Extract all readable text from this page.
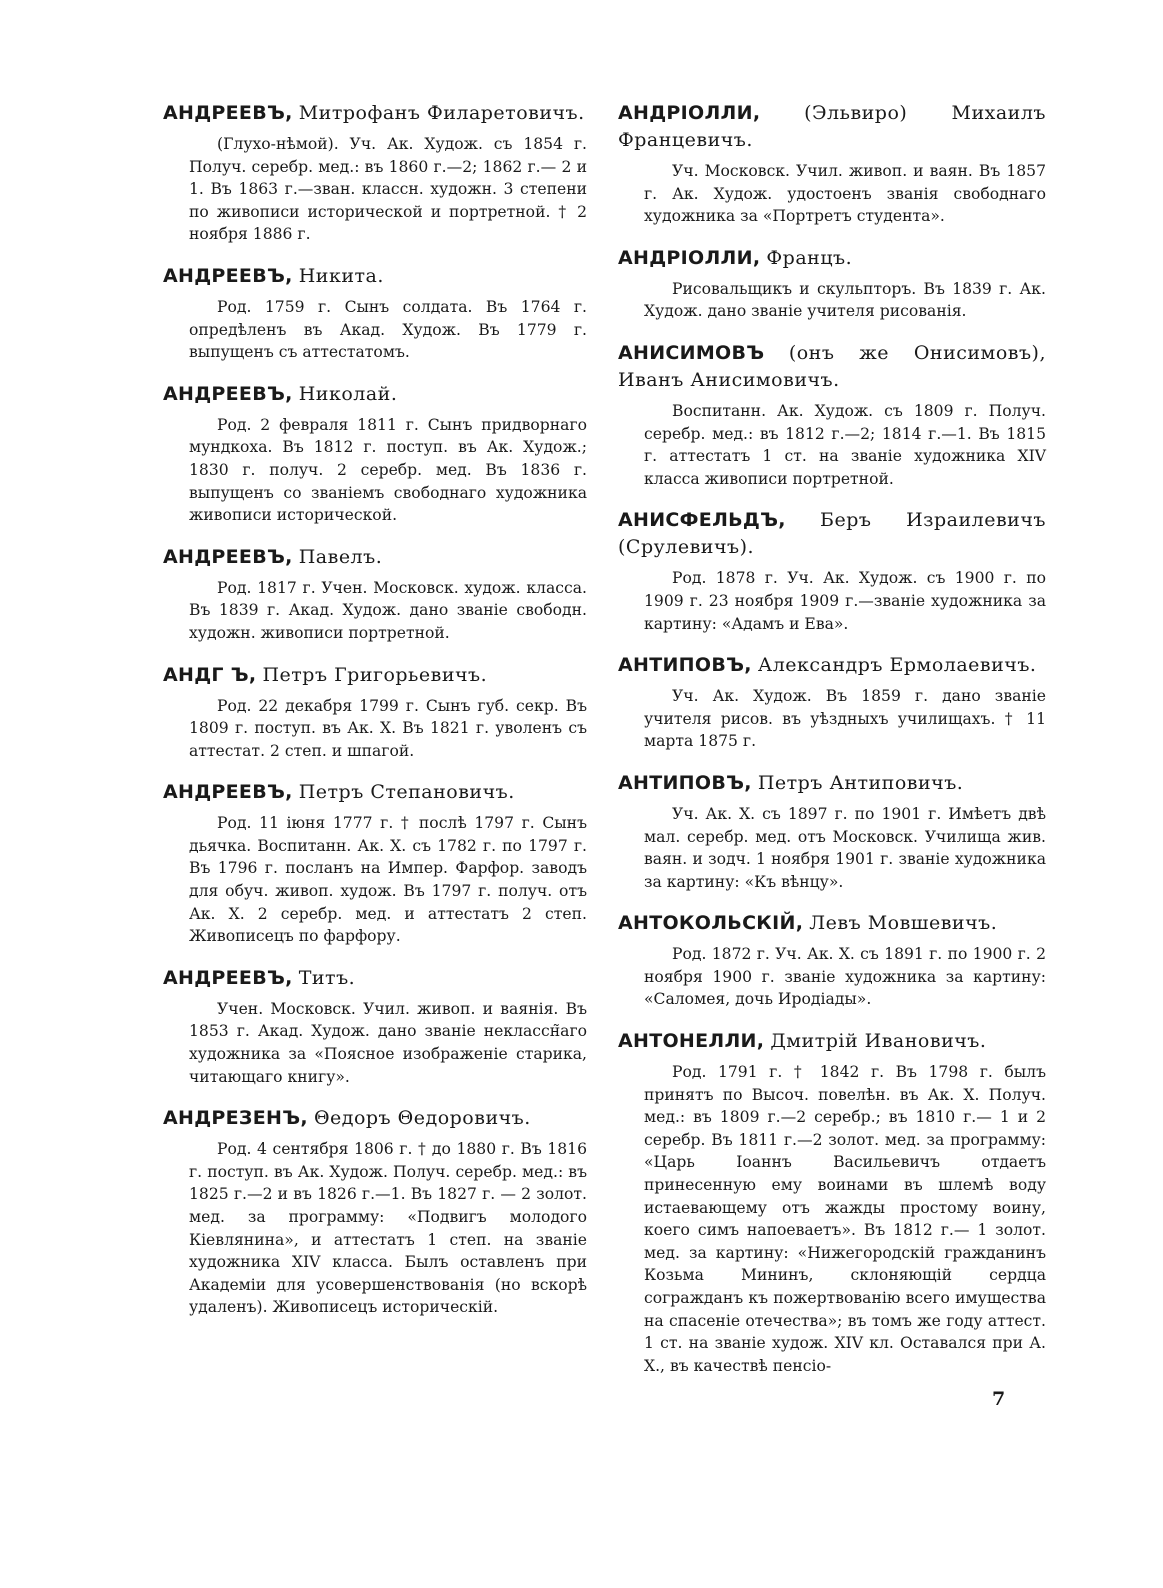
АНДРЕЕВЪ, Митрофанъ Филаретовичъ.

(Глухо-нѣмой). Уч. Ак. Худож. съ 1854 г. Получ. серебр. мед.: въ 1860 г.—2; 1862 г.— 2 и 1. Въ 1863 г.—зван. классн. художн. 3 степени по живописи исторической и портретной. † 2 ноября 1886 г.

АНДРЕЕВЪ, Никита.

Род. 1759 г. Сынъ солдата. Въ 1764 г. опредѣленъ въ Акад. Худож. Въ 1779 г. выпущенъ съ аттестатомъ.

АНДРЕЕВЪ, Николай.

Род. 2 февраля 1811 г. Сынъ придворнаго мундкоха. Въ 1812 г. поступ. въ Ак. Худож.; 1830 г. получ. 2 серебр. мед. Въ 1836 г. выпущенъ со званіемъ свободнаго художника живописи исторической.

АНДРЕЕВЪ, Павелъ.

Род. 1817 г. Учен. Московск. худож. класса. Въ 1839 г. Акад. Худож. дано званіе свободн. художн. живописи портретной.

АНДГ Ъ, Петръ Григорьевичъ.

Род. 22 декабря 1799 г. Сынъ губ. секр. Въ 1809 г. поступ. въ Ак. Х. Въ 1821 г. уволенъ съ аттестат. 2 степ. и шпагой.

АНДРЕЕВЪ, Петръ Степановичъ.

Род. 11 іюня 1777 г. † послѣ 1797 г. Сынъ дьячка. Воспитанн. Ак. Х. съ 1782 г. по 1797 г. Въ 1796 г. посланъ на Импер. Фарфор. заводъ для обуч. живоп. худож. Въ 1797 г. получ. отъ Ак. Х. 2 серебр. мед. и аттестатъ 2 степ. Живописецъ по фарфору.

АНДРЕЕВЪ, Титъ.

Учен. Московск. Учил. живоп. и ваянія. Въ 1853 г. Акад. Худож. дано званіе неклассн̃аго художника за «Поясное изображеніе старика, читающаго книгу».

АНДРЕЗЕНЪ, Θедоръ Θедоровичъ.

Род. 4 сентября 1806 г. † до 1880 г. Въ 1816 г. поступ. въ Ак. Худож. Получ. серебр. мед.: въ 1825 г.—2 и въ 1826 г.—1. Въ 1827 г. — 2 золот. мед. за программу: «Подвигъ молодого Кіевлянина», и аттестатъ 1 степ. на званіе художника XIV класса. Былъ оставленъ при Академіи для усовершенствованія (но вскорѣ удаленъ). Живописецъ историческій.

АНДРІОЛЛИ, (Эльвиро) Михаилъ Францевичъ.

Уч. Московск. Учил. живоп. и ваян. Въ 1857 г. Ак. Худож. удостоенъ званія свободнаго художника за «Портретъ студента».

АНДРІОЛЛИ, Францъ.

Рисовальщикъ и скульпторъ. Въ 1839 г. Ак. Худож. дано званіе учителя рисованія.

АНИСИМОВЪ (онъ же Онисимовъ), Иванъ Анисимовичъ.

Воспитанн. Ак. Худож. съ 1809 г. Получ. серебр. мед.: въ 1812 г.—2; 1814 г.—1. Въ 1815 г. аттестатъ 1 ст. на званіе художника XIV класса живописи портретной.

АНИСФЕЛЬДЪ, Беръ Израилевичъ (Срулевичъ).

Род. 1878 г. Уч. Ак. Худож. съ 1900 г. по 1909 г. 23 ноября 1909 г.—званіе художника за картину: «Адамъ и Ева».

АНТИПОВЪ, Александръ Ермолаевичъ.

Уч. Ак. Худож. Въ 1859 г. дано званіе учителя рисов. въ уѣздныхъ училищахъ. † 11 марта 1875 г.

АНТИПОВЪ, Петръ Антиповичъ.

Уч. Ак. Х. съ 1897 г. по 1901 г. Имѣетъ двѣ мал. серебр. мед. отъ Московск. Училища жив. ваян. и зодч. 1 ноября 1901 г. званіе художника за картину: «Къ вѣнцу».

АНТОКОЛЬСКІЙ, Левъ Мовшевичъ.

Род. 1872 г. Уч. Ак. Х. съ 1891 г. по 1900 г. 2 ноября 1900 г. званіе художника за картину: «Саломея, дочь Иродіады».

АНТОНЕЛЛИ, Дмитрій Ивановичъ.

Род. 1791 г. † 1842 г. Въ 1798 г. былъ принятъ по Высоч. повелѣн. въ Ак. Х. Получ. мед.: въ 1809 г.—2 серебр.; въ 1810 г.— 1 и 2 серебр. Въ 1811 г.—2 золот. мед. за программу: «Царь Іоаннъ Васильевичъ отдаетъ принесенную ему воинами въ шлемѣ воду истаевающему отъ жажды простому воину, коего симъ напоеваетъ». Въ 1812 г.— 1 золот. мед. за картину: «Нижегородскій гражданинъ Козьма Мининъ, склоняющій сердца согражданъ къ пожертвованію всего имущества на спасеніе отечества»; въ томъ же году аттест. 1 ст. на званіе худож. XIV кл. Оставался при А. Х., въ качествѣ пенсіо-

7
